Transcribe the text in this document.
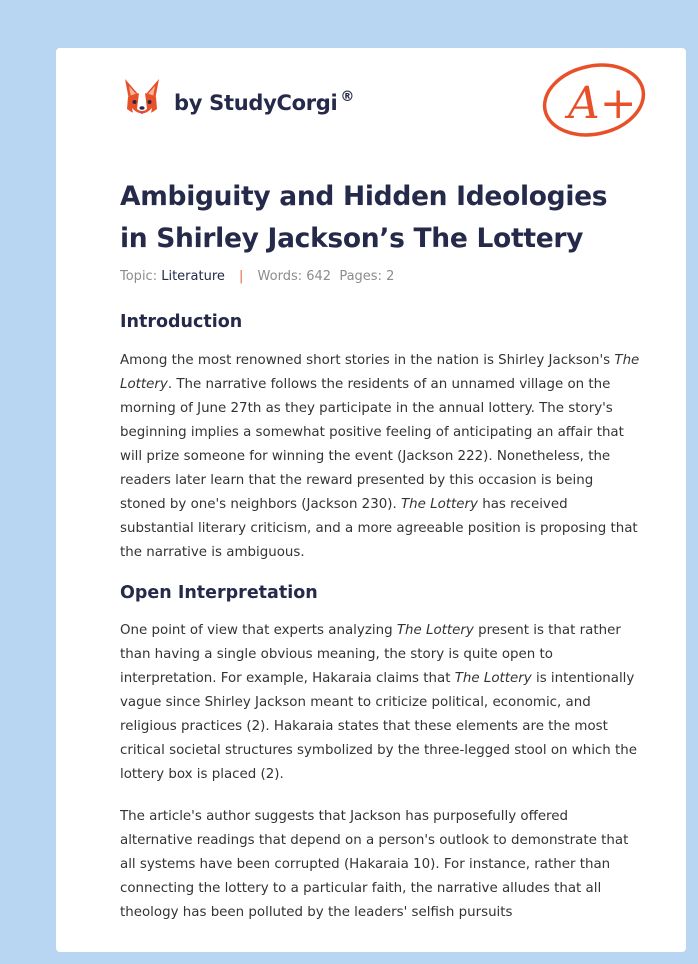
by StudyCorgi ®	A+
Ambiguity and Hidden Ideologies in Shirley Jackson’s The Lottery
Topic: Literature | Words: 642 Pages: 2
Introduction

Among the most renowned short stories in the nation is Shirley Jackson's The Lottery. The narrative follows the residents of an unnamed village on the morning of June 27th as they participate in the annual lottery. The story's beginning implies a somewhat positive feeling of anticipating an affair that will prize someone for winning the event (Jackson 222). Nonetheless, the readers later learn that the reward presented by this occasion is being stoned by one's neighbors (Jackson 230). The Lottery has received substantial literary criticism, and a more agreeable position is proposing that the narrative is ambiguous.

Open Interpretation

One point of view that experts analyzing The Lottery present is that rather than having a single obvious meaning, the story is quite open to interpretation. For example, Hakaraia claims that The Lottery is intentionally vague since Shirley Jackson meant to criticize political, economic, and religious practices (2). Hakaraia states that these elements are the most critical societal structures symbolized by the three-legged stool on which the lottery box is placed (2).

The article's author suggests that Jackson has purposefully offered alternative readings that depend on a person's outlook to demonstrate that all systems have been corrupted (Hakaraia 10). For instance, rather than connecting the lottery to a particular faith, the narrative alludes that all theology has been polluted by the leaders' selfish pursuits
